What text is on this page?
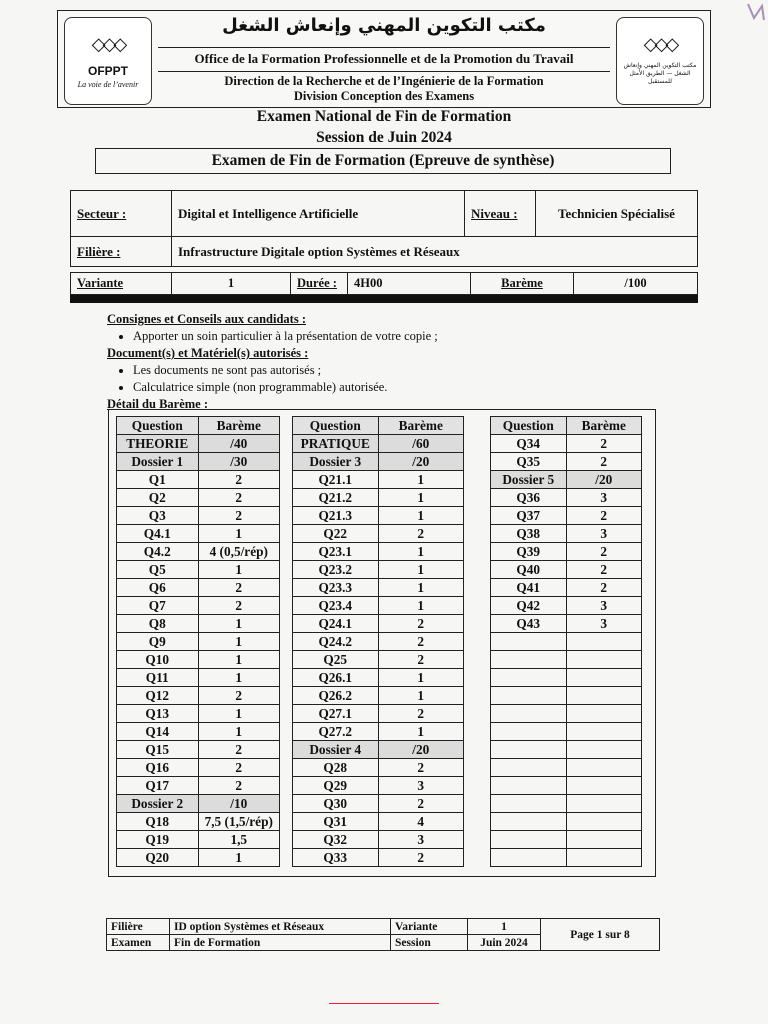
◇◇◇
OFPPT
La voie de l’avenir
مكتب التكوين المهني وإنعاش الشغل
Office de la Formation Professionnelle et de la Promotion du Travail
Direction de la Recherche et de l’Ingénierie de la Formation
Division Conception des Examens
◇◇◇
مكتب التكوين المهني وإنعاش الشغل — الطريق الأمثل للمستقبل
Examen National de Fin de Formation
Session de Juin 2024
Examen de Fin de Formation (Epreuve de synthèse)
Secteur :	Digital et Intelligence Artificielle	Niveau :	Technicien Spécialisé
Filière :	Infrastructure Digitale option Systèmes et Réseaux		
Variante	1	Durée :	4H00	Barème	/100
Consignes et Conseils aux candidats :
• Apporter un soin particulier à la présentation de votre copie ;
Document(s) et Matériel(s) autorisés :
• Les documents ne sont pas autorisés ;
• Calculatrice simple (non programmable) autorisée.
Détail du Barème :
Question	Barème
THEORIE	/40
Dossier 1	/30
Q1	2
Q2	2
Q3	2
Q4.1	1
Q4.2	4 (0,5/rép)
Q5	1
Q6	2
Q7	2
Q8	1
Q9	1
Q10	1
Q11	1
Q12	2
Q13	1
Q14	1
Q15	2
Q16	2
Q17	2
Dossier 2	/10
Q18	7,5 (1,5/rép)
Q19	1,5
Q20	1
Question	Barème
PRATIQUE	/60
Dossier 3	/20
Q21.1	1
Q21.2	1
Q21.3	1
Q22	2
Q23.1	1
Q23.2	1
Q23.3	1
Q23.4	1
Q24.1	2
Q24.2	2
Q25	2
Q26.1	1
Q26.2	1
Q27.1	2
Q27.2	1
Dossier 4	/20
Q28	2
Q29	3
Q30	2
Q31	4
Q32	3
Q33	2
Question	Barème
Q34	2
Q35	2
Dossier 5	/20
Q36	3
Q37	2
Q38	3
Q39	2
Q40	2
Q41	2
Q42	3
Q43	3

Filière	ID option Systèmes et Réseaux	Variante	1	Page 1 sur 8
Examen	Fin de Formation	Session	Juin 2024	
